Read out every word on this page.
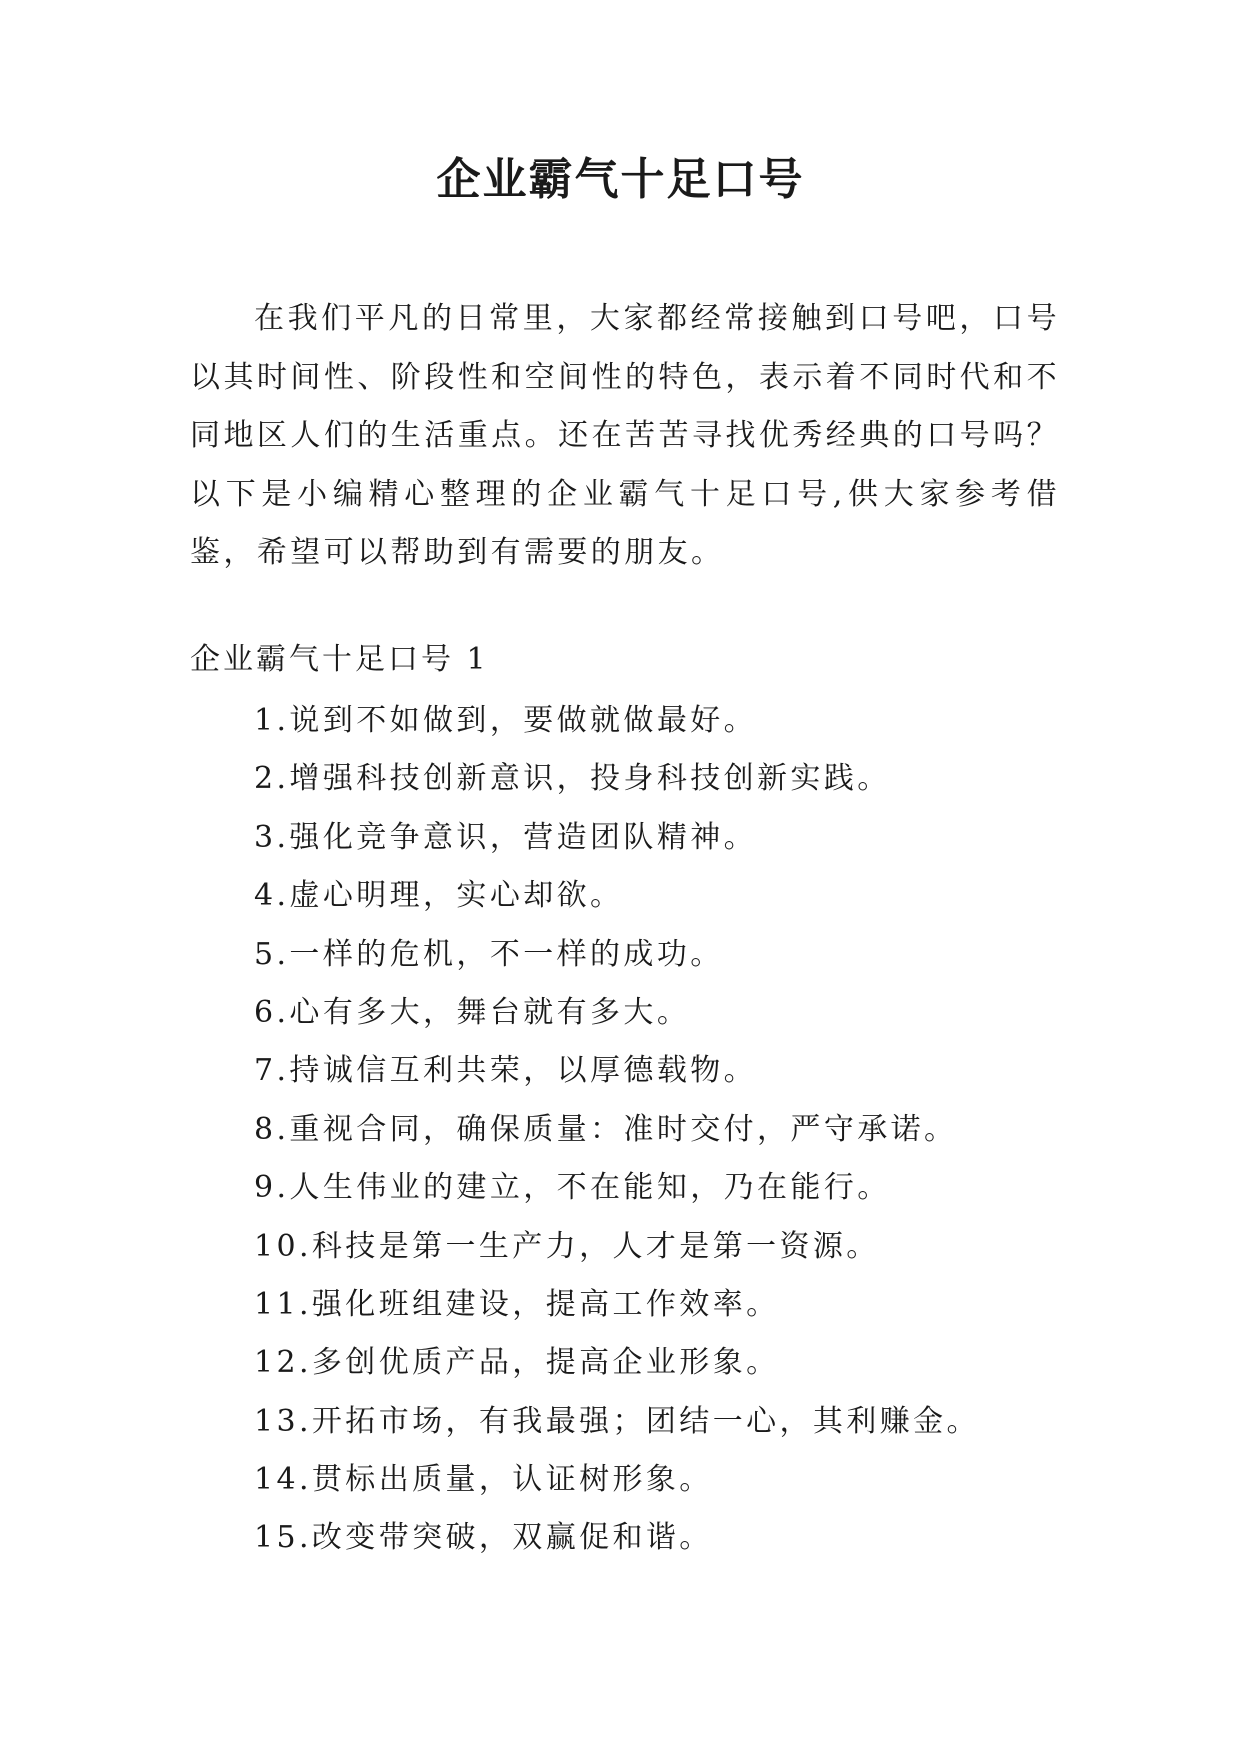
企业霸气十足口号

在我们平凡的日常里，大家都经常接触到口号吧，口号以其时间性、阶段性和空间性的特色，表示着不同时代和不同地区人们的生活重点。还在苦苦寻找优秀经典的口号吗？以下是小编精心整理的企业霸气十足口号,供大家参考借鉴，希望可以帮助到有需要的朋友。

企业霸气十足口号 1

1.说到不如做到，要做就做最好。
2.增强科技创新意识，投身科技创新实践。
3.强化竞争意识，营造团队精神。
4.虚心明理，实心却欲。
5.一样的危机，不一样的成功。
6.心有多大，舞台就有多大。
7.持诚信互利共荣，以厚德载物。
8.重视合同，确保质量：准时交付，严守承诺。
9.人生伟业的建立，不在能知，乃在能行。
10.科技是第一生产力，人才是第一资源。
11.强化班组建设，提高工作效率。
12.多创优质产品，提高企业形象。
13.开拓市场，有我最强；团结一心，其利赚金。
14.贯标出质量，认证树形象。
15.改变带突破，双赢促和谐。
